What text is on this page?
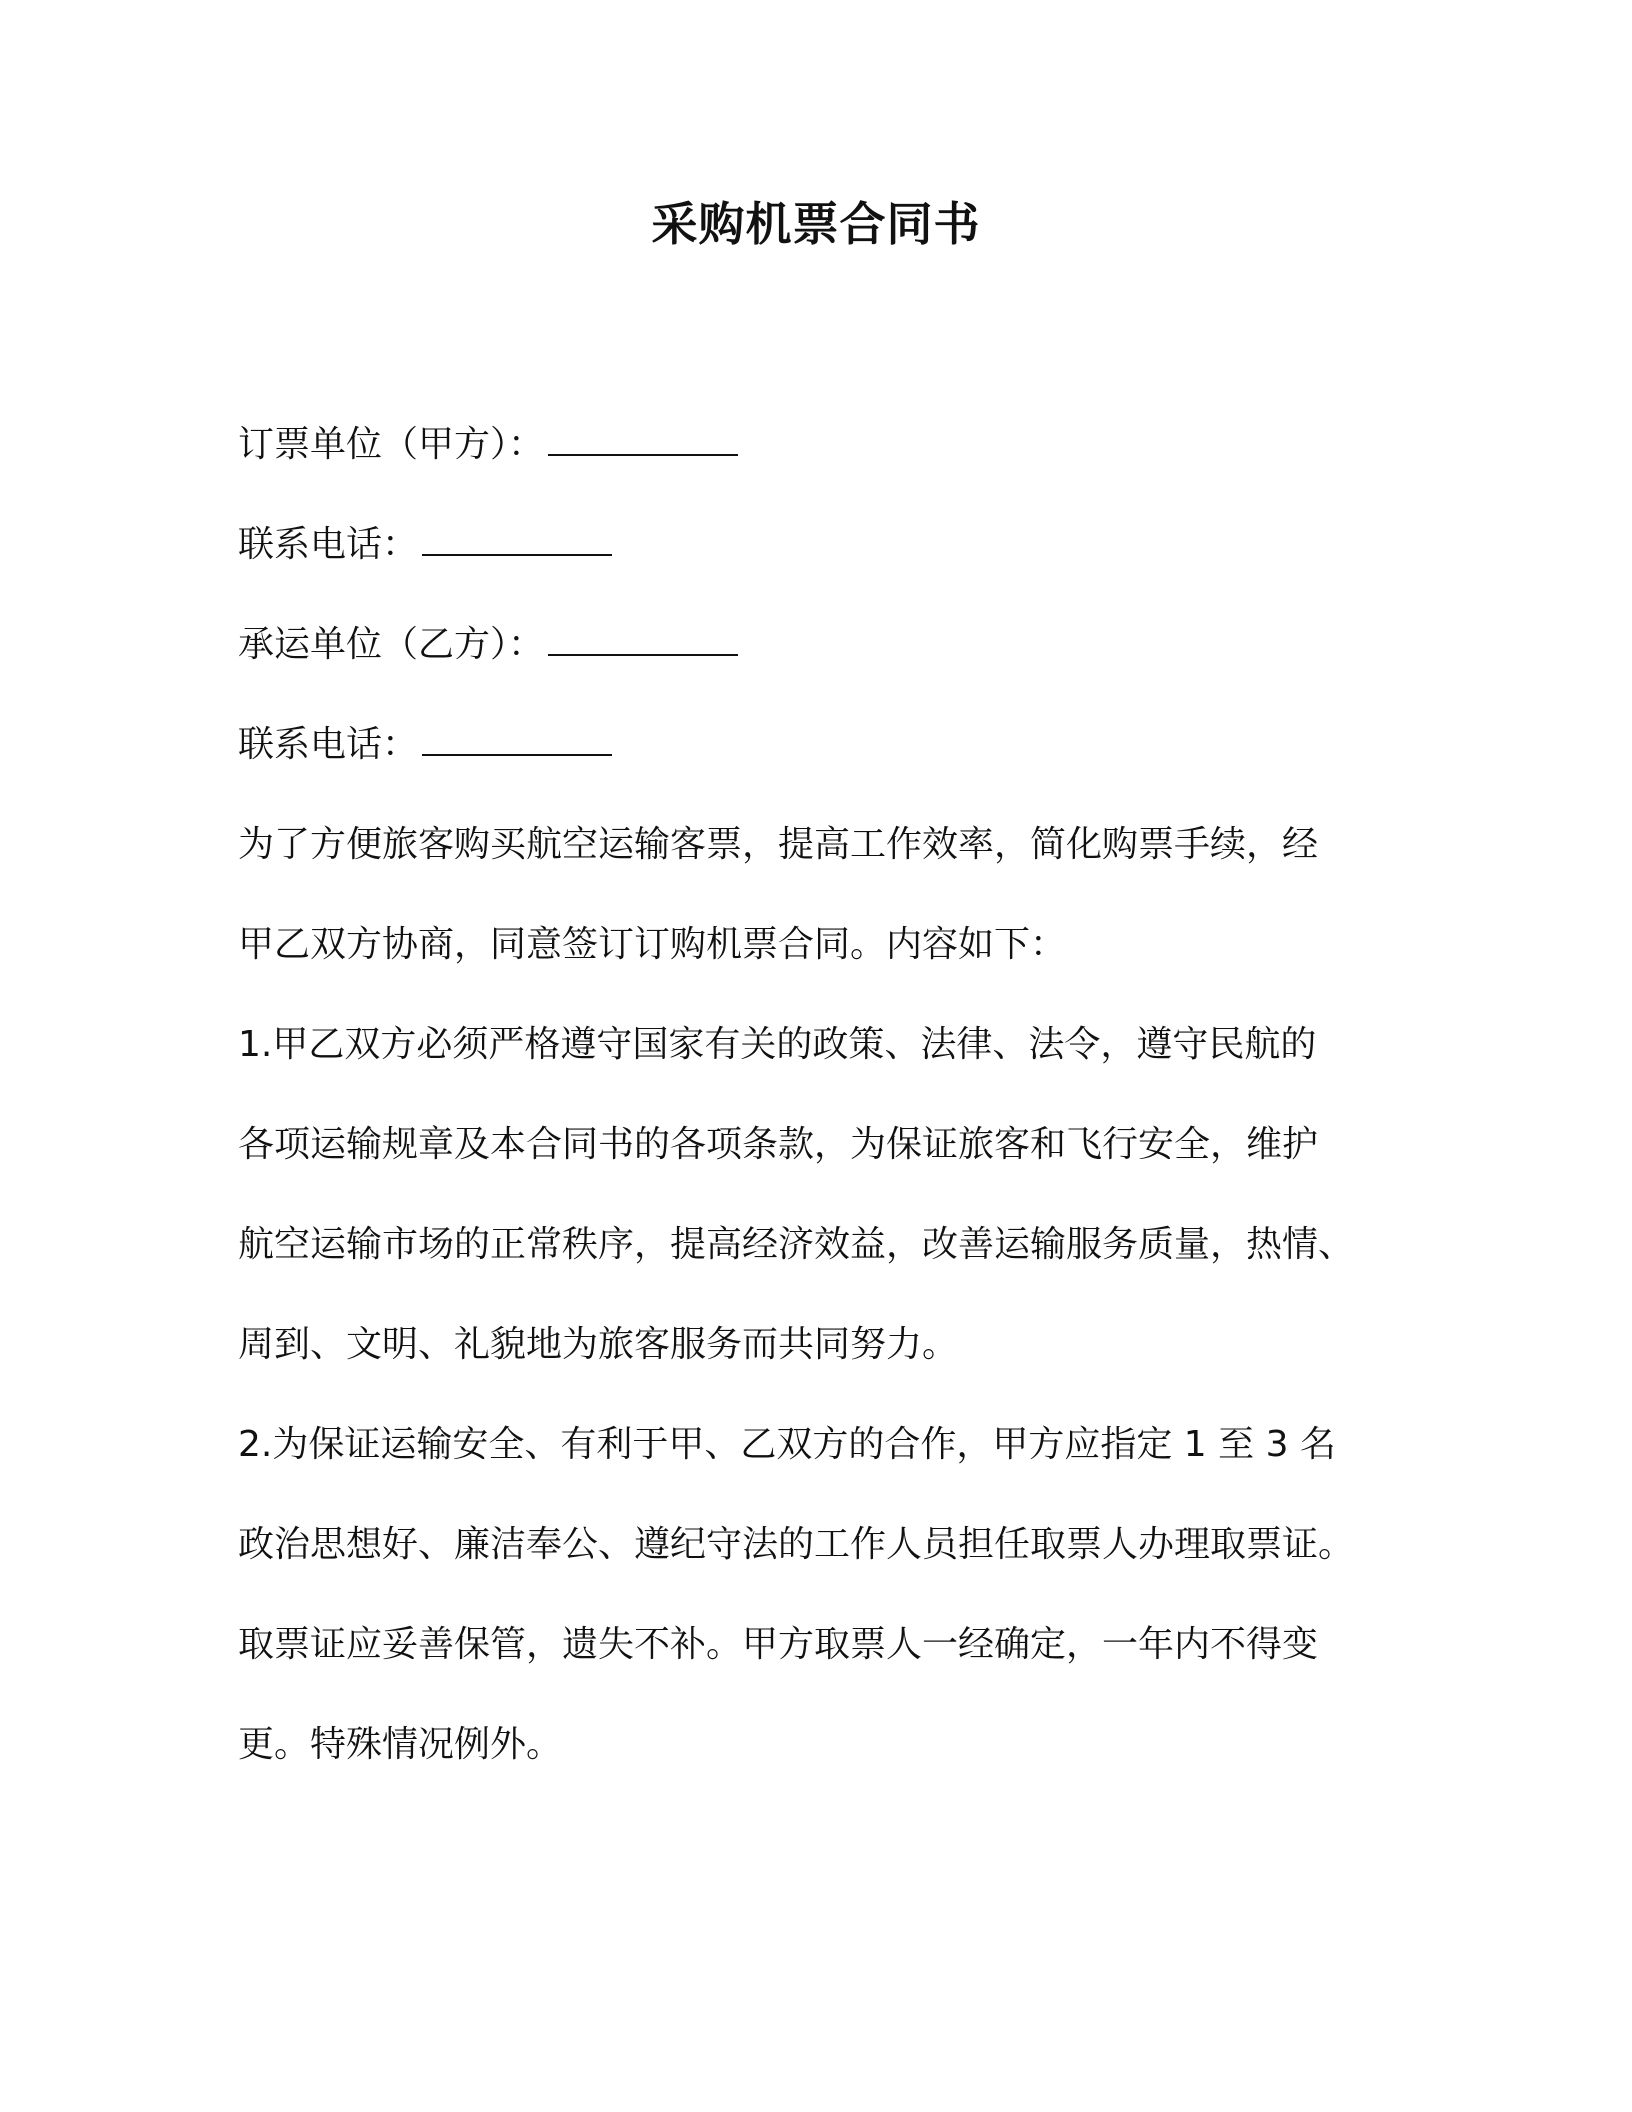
采购机票合同书
订票单位（甲方）：
联系电话：
承运单位（乙方）：
联系电话：
为了方便旅客购买航空运输客票，提高工作效率，简化购票手续，经
甲乙双方协商，同意签订订购机票合同。内容如下：
1.甲乙双方必须严格遵守国家有关的政策、法律、法令，遵守民航的
各项运输规章及本合同书的各项条款，为保证旅客和飞行安全，维护
航空运输市场的正常秩序，提高经济效益，改善运输服务质量，热情、
周到、文明、礼貌地为旅客服务而共同努力。
2.为保证运输安全、有利于甲、乙双方的合作，甲方应指定 1 至 3 名
政治思想好、廉洁奉公、遵纪守法的工作人员担任取票人办理取票证。
取票证应妥善保管，遗失不补。甲方取票人一经确定，一年内不得变
更。特殊情况例外。
